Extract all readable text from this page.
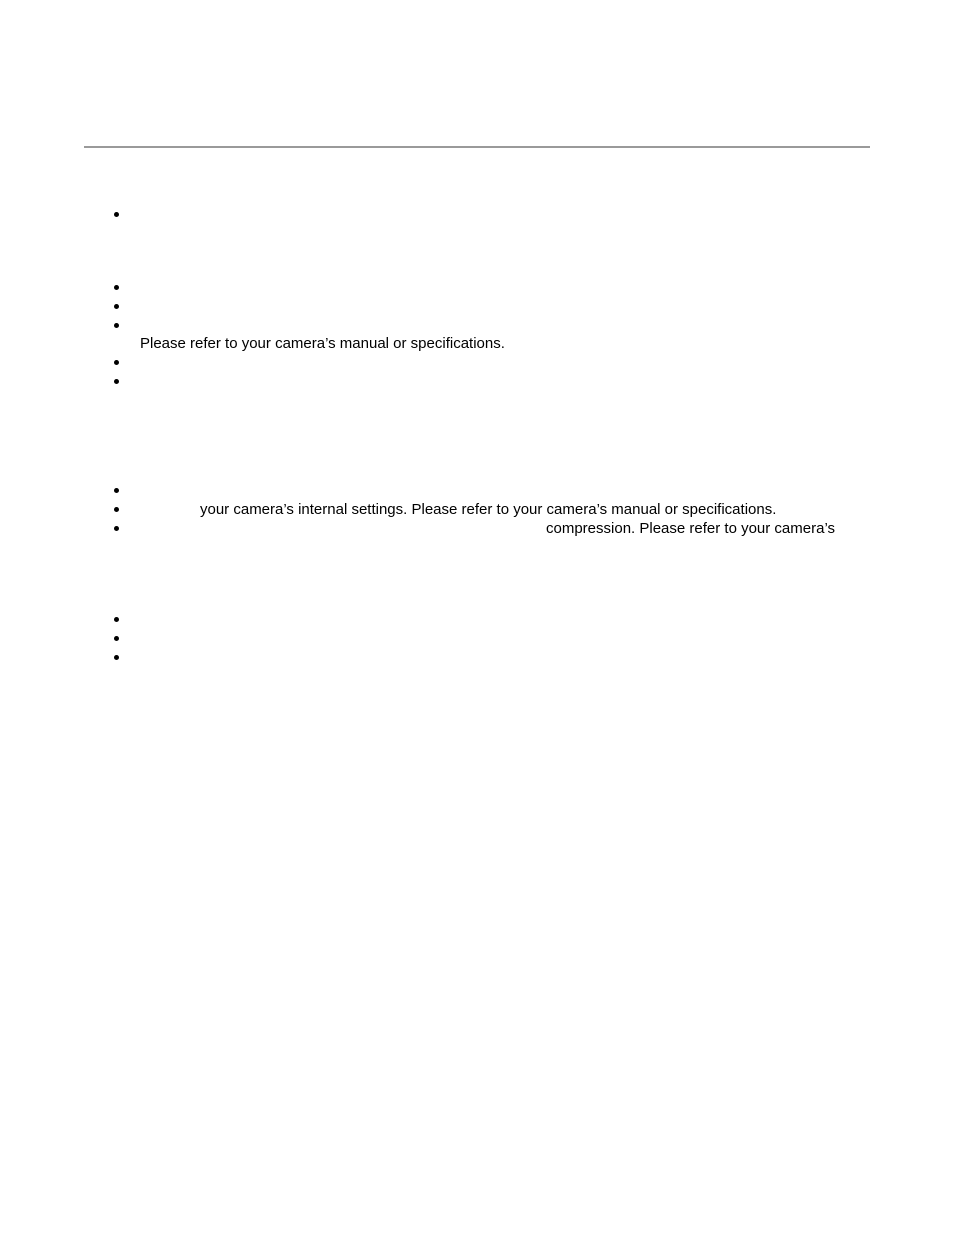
Please refer to your camera’s manual or specifications.
your camera’s internal settings. Please refer to your camera’s manual or specifications.
compression. Please refer to your camera’s
